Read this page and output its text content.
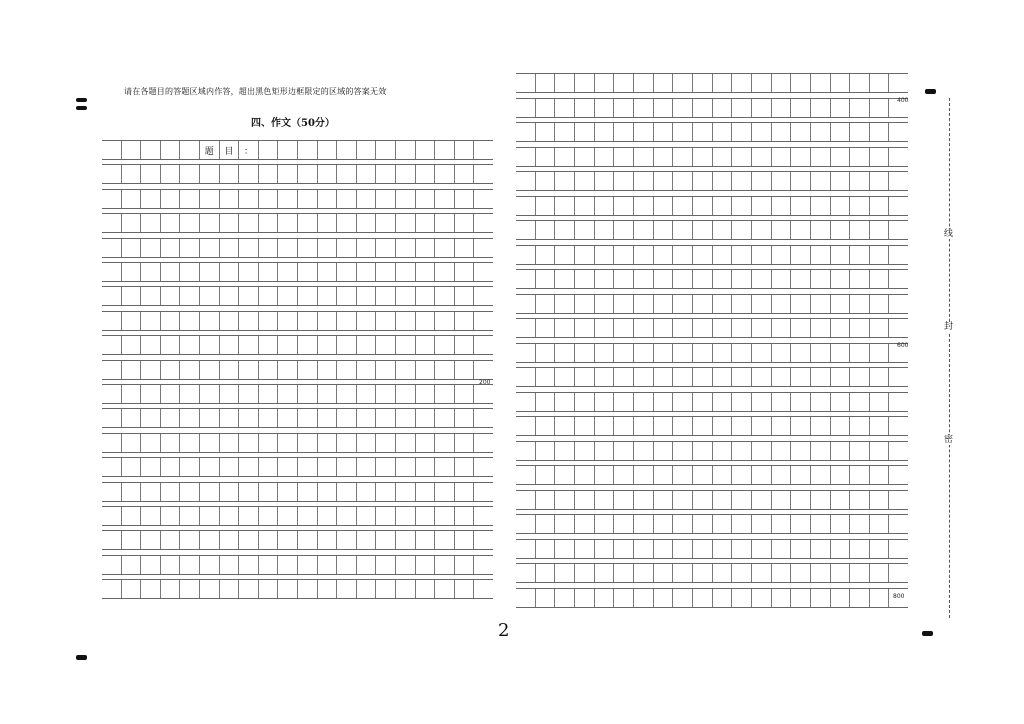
请在各题目的答题区域内作答，超出黑色矩形边框限定的区域的答案无效
四、作文（50分）
题	目	：
200
400
600
800
2
线
封
密
